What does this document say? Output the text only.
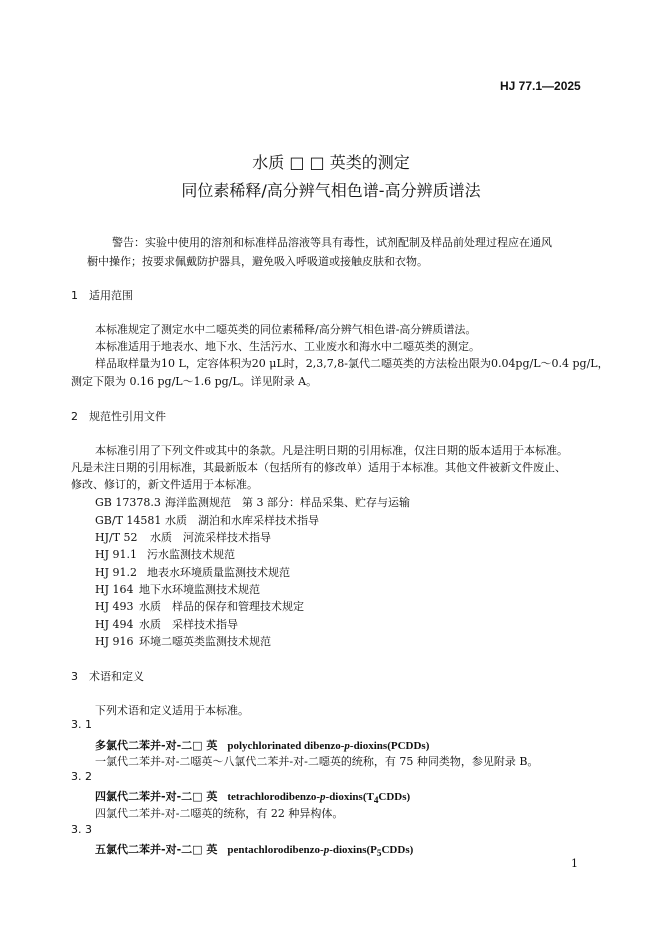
HJ 77.1—2025
水质 □ □ 英类的测定
同位素稀释/高分辨气相色谱-高分辨质谱法
警告：实验中使用的溶剂和标准样品溶液等具有毒性，试剂配制及样品前处理过程应在通风
橱中操作；按要求佩戴防护器具，避免吸入呼吸道或接触皮肤和衣物。
1 适用范围
本标准规定了测定水中二噁英类的同位素稀释/高分辨气相色谱-高分辨质谱法。
本标准适用于地表水、地下水、生活污水、工业废水和海水中二噁英类的测定。
样品取样量为10 L，定容体积为20 μL时，2,3,7,8-氯代二噁英类的方法检出限为0.04pg/L～0.4 pg/L，
测定下限为 0.16 pg/L～1.6 pg/L。详见附录 A。
2 规范性引用文件
本标准引用了下列文件或其中的条款。凡是注明日期的引用标准，仅注日期的版本适用于本标准。
凡是未注日期的引用标准，其最新版本（包括所有的修改单）适用于本标准。其他文件被新文件废止、
修改、修订的，新文件适用于本标准。
GB 17378.3 海洋监测规范　第 3 部分：样品采集、贮存与运输
GB/T 14581 水质　湖泊和水库采样技术指导
HJ/T 52 水质　河流采样技术指导
HJ 91.1 污水监测技术规范
HJ 91.2 地表水环境质量监测技术规范
HJ 164 地下水环境监测技术规范
HJ 493 水质　样品的保存和管理技术规定
HJ 494 水质　采样技术指导
HJ 916 环境二噁英类监测技术规范
3 术语和定义
下列术语和定义适用于本标准。
3. 1
多氯代二苯并-对-二□ 英 polychlorinated dibenzo-p-dioxins(PCDDs)
一氯代二苯并-对-二噁英～八氯代二苯并-对-二噁英的统称，有 75 种同类物，参见附录 B。
3. 2
四氯代二苯并-对-二□ 英 tetrachlorodibenzo-$p-dioxins(T_4CDDs)$
四氯代二苯并-对-二噁英的统称，有 22 种异构体。
3. 3
五氯代二苯并-对-二□ 英 pentachlorodibenzo-$p-dioxins(P_5CDDs)$
1
